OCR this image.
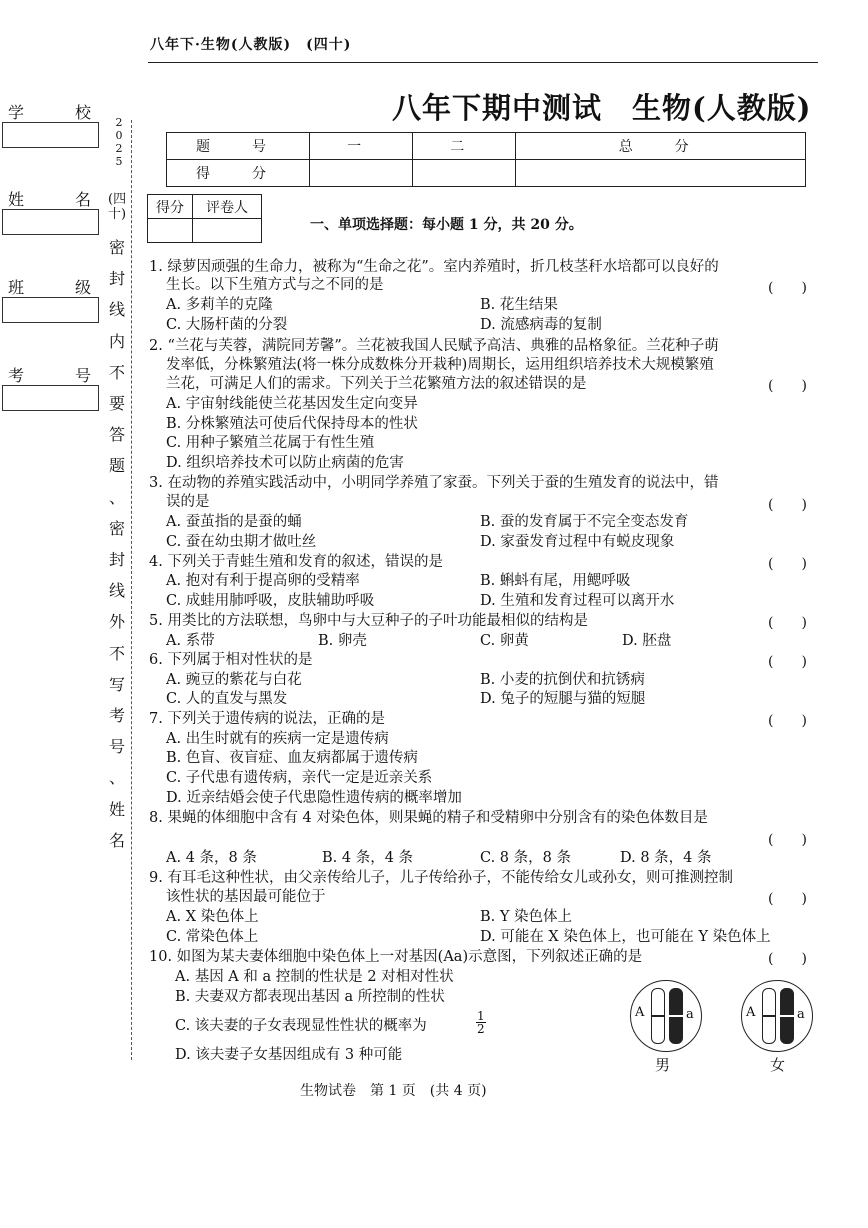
八年下·生物(人教版)　(四十)
八年下期中测试 生物(人教版)
学	校
姓	名
班	级
考	号
2025
(四十)
密
封
线
内
不
要
答
题
、
密
封
线
外
不
写
考
号
、
姓
名
题　号	一	二	总　分
得　分			
得分	评卷人

一、单项选择题：每小题 1 分，共 20 分。
1. 绿萝因顽强的生命力，被称为“生命之花”。室内养殖时，折几枝茎秆水培都可以良好的
生长。以下生殖方式与之不同的是
A. 多莉羊的克隆	B. 花生结果
C. 大肠杆菌的分裂	D. 流感病毒的复制
2. “兰花与芙蓉，满院同芳馨”。兰花被我国人民赋予高洁、典雅的品格象征。兰花种子萌
发率低，分株繁殖法(将一株分成数株分开栽种)周期长，运用组织培养技术大规模繁殖
兰花，可满足人们的需求。下列关于兰花繁殖方法的叙述错误的是
A. 宇宙射线能使兰花基因发生定向变异
B. 分株繁殖法可使后代保持母本的性状
C. 用种子繁殖兰花属于有性生殖
D. 组织培养技术可以防止病菌的危害
3. 在动物的养殖实践活动中，小明同学养殖了家蚕。下列关于蚕的生殖发育的说法中，错
误的是
A. 蚕茧指的是蚕的蛹	B. 蚕的发育属于不完全变态发育
C. 蚕在幼虫期才做吐丝	D. 家蚕发育过程中有蜕皮现象
4. 下列关于青蛙生殖和发育的叙述，错误的是
A. 抱对有利于提高卵的受精率	B. 蝌蚪有尾，用鳃呼吸
C. 成蛙用肺呼吸，皮肤辅助呼吸	D. 生殖和发育过程可以离开水
5. 用类比的方法联想，鸟卵中与大豆种子的子叶功能最相似的结构是
A. 系带	B. 卵壳	C. 卵黄	D. 胚盘
6. 下列属于相对性状的是
A. 豌豆的紫花与白花	B. 小麦的抗倒伏和抗锈病
C. 人的直发与黑发	D. 兔子的短腿与猫的短腿
7. 下列关于遗传病的说法，正确的是
A. 出生时就有的疾病一定是遗传病
B. 色盲、夜盲症、血友病都属于遗传病
C. 子代患有遗传病，亲代一定是近亲关系
D. 近亲结婚会使子代患隐性遗传病的概率增加
8. 果蝇的体细胞中含有 4 对染色体，则果蝇的精子和受精卵中分别含有的染色体数目是
A. 4 条，8 条	B. 4 条，4 条	C. 8 条，8 条	D. 8 条，4 条
9. 有耳毛这种性状，由父亲传给儿子，儿子传给孙子，不能传给女儿或孙女，则可推测控制
该性状的基因最可能位于
A. X 染色体上	B. Y 染色体上
C. 常染色体上	D. 可能在 X 染色体上，也可能在 Y 染色体上
10. 如图为某夫妻体细胞中染色体上一对基因(Aa)示意图，下列叙述正确的是
A. 基因 A 和 a 控制的性状是 2 对相对性状
B. 夫妻双方都表现出基因 a 所控制的性状
C. 该夫妻的子女表现显性性状的概率为
D. 该夫妻子女基因组成有 3 种可能
$\frac{1}{2}$
(　　)
(　　)
(　　)
(　　)
(　　)
(　　)
(　　)
(　　)
(　　)
(　　)
A	a
男
A	a
女
生物试卷　第 1 页　(共 4 页)
